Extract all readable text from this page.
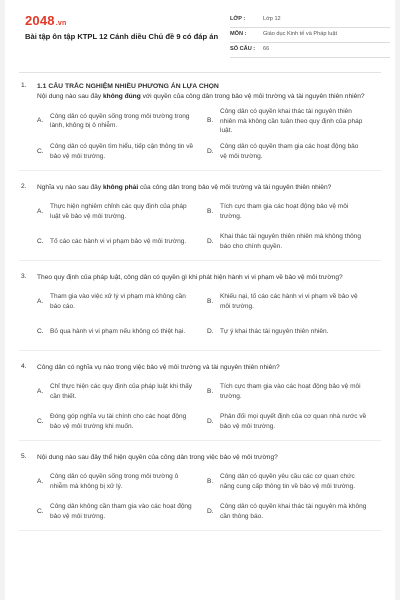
2048.vn
Bài tập ôn tập KTPL 12 Cánh diều Chủ đề 9 có đáp án
LỚP :	Lớp 12
MÔN :	Giáo dục Kinh tế và Pháp luật
SỐ CÂU : 66
1. 1.1 CÂU TRẮC NGHIỆM NHIỀU PHƯƠNG ÁN LỰA CHỌN
Nội dung nào sau đây không đúng với quyền của công dân trong bảo vệ môi trường và tài nguyên thiên nhiên?
A.
Công dân có quyền sống trong môi trường trong lành, không bị ô nhiễm.
B.
Công dân có quyền khai thác tài nguyên thiên nhiên mà không cần tuân theo quy định của pháp luật.
C.
Công dân có quyền tìm hiểu, tiếp cận thông tin về bảo vệ môi trường.
D.
Công dân có quyền tham gia các hoạt động bảo vệ môi trường.
2. Nghĩa vụ nào sau đây không phải của công dân trong bảo vệ môi trường và tài nguyên thiên nhiên?
A.
Thực hiện nghiêm chỉnh các quy định của pháp luật về bảo vệ môi trường.
B.
Tích cực tham gia các hoạt động bảo vệ môi trường.
C. Tố cáo các hành vi vi phạm bảo vệ môi trường.	D.
Khai thác tài nguyên thiên nhiên mà không thông báo cho chính quyền.
3. Theo quy định của pháp luật, công dân có quyền gì khi phát hiện hành vi vi phạm về bảo vệ môi trường?
A.
Tham gia vào việc xử lý vi phạm mà không cần báo cáo.
B.
Khiếu nại, tố cáo các hành vi vi phạm về bảo vệ môi trường.
C. Bỏ qua hành vi vi phạm nếu không có thiệt hại.	D. Tự ý khai thác tài nguyên thiên nhiên.
4. Công dân có nghĩa vụ nào trong việc bảo vệ môi trường và tài nguyên thiên nhiên?
A.
Chỉ thực hiện các quy định của pháp luật khi thấy cần thiết.
B.
Tích cực tham gia vào các hoạt động bảo vệ môi trường.
C.
Đóng góp nghĩa vụ tài chính cho các hoạt động bảo vệ môi trường khi muốn.
D.
Phản đối mọi quyết định của cơ quan nhà nước về bảo vệ môi trường.
5. Nội dung nào sau đây thể hiện quyền của công dân trong việc bảo vệ môi trường?
A.
Công dân có quyền sống trong môi trường ô nhiễm mà không bị xử lý.
B.
Công dân có quyền yêu cầu các cơ quan chức năng cung cấp thông tin về bảo vệ môi trường.
C.
Công dân không cần tham gia vào các hoạt động bảo vệ môi trường.
D.
Công dân có quyền khai thác tài nguyên mà không cần thông báo.
